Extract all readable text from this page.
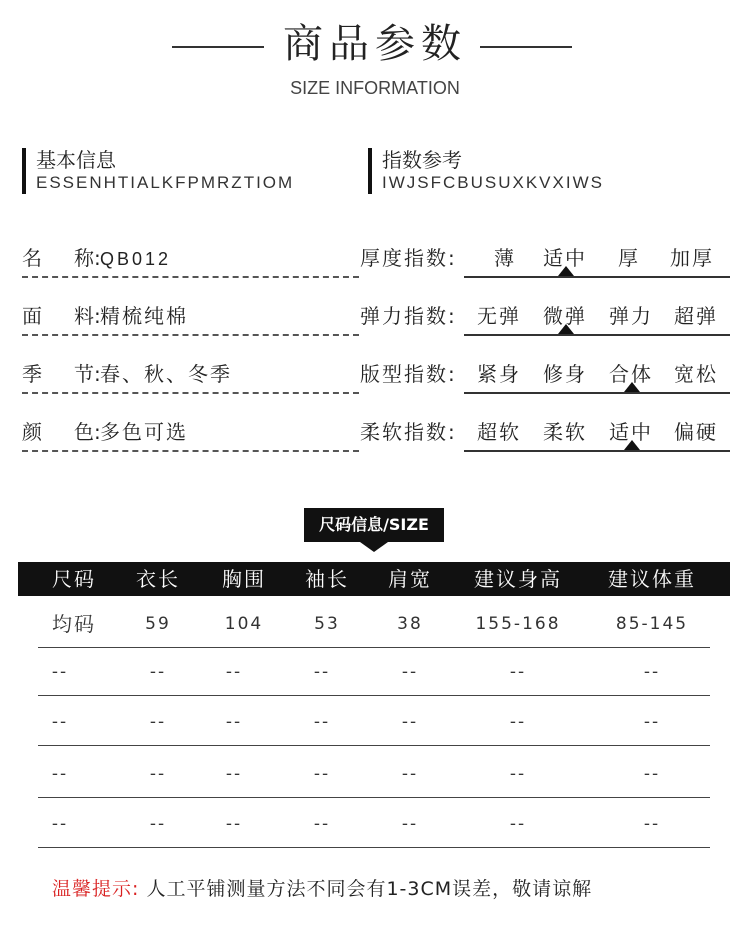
商品参数
SIZE INFORMATION
基本信息
ESSENHTIALKFPMRZTIOM
指数参考
IWJSFCBUSUXKVXIWS
名 称:QB012
面 料:精梳纯棉
季 节:春、秋、冬季
颜 色:多色可选
厚度指数: 薄 适中 厚 加厚
弹力指数: 无弹 微弹 弹力 超弹
版型指数: 紧身 修身 合体 宽松
柔软指数: 超软 柔软 适中 偏硬
尺码信息/SIZE
尺码	衣长	胸围	袖长	肩宽	建议身高	建议体重
均码	59	104	53	38	155-168	85-145
--	--	--	--	--	--	--
--	--	--	--	--	--	--
--	--	--	--	--	--	--
--	--	--	--	--	--	--
温馨提示: 人工平铺测量方法不同会有1-3CM误差，敬请谅解
